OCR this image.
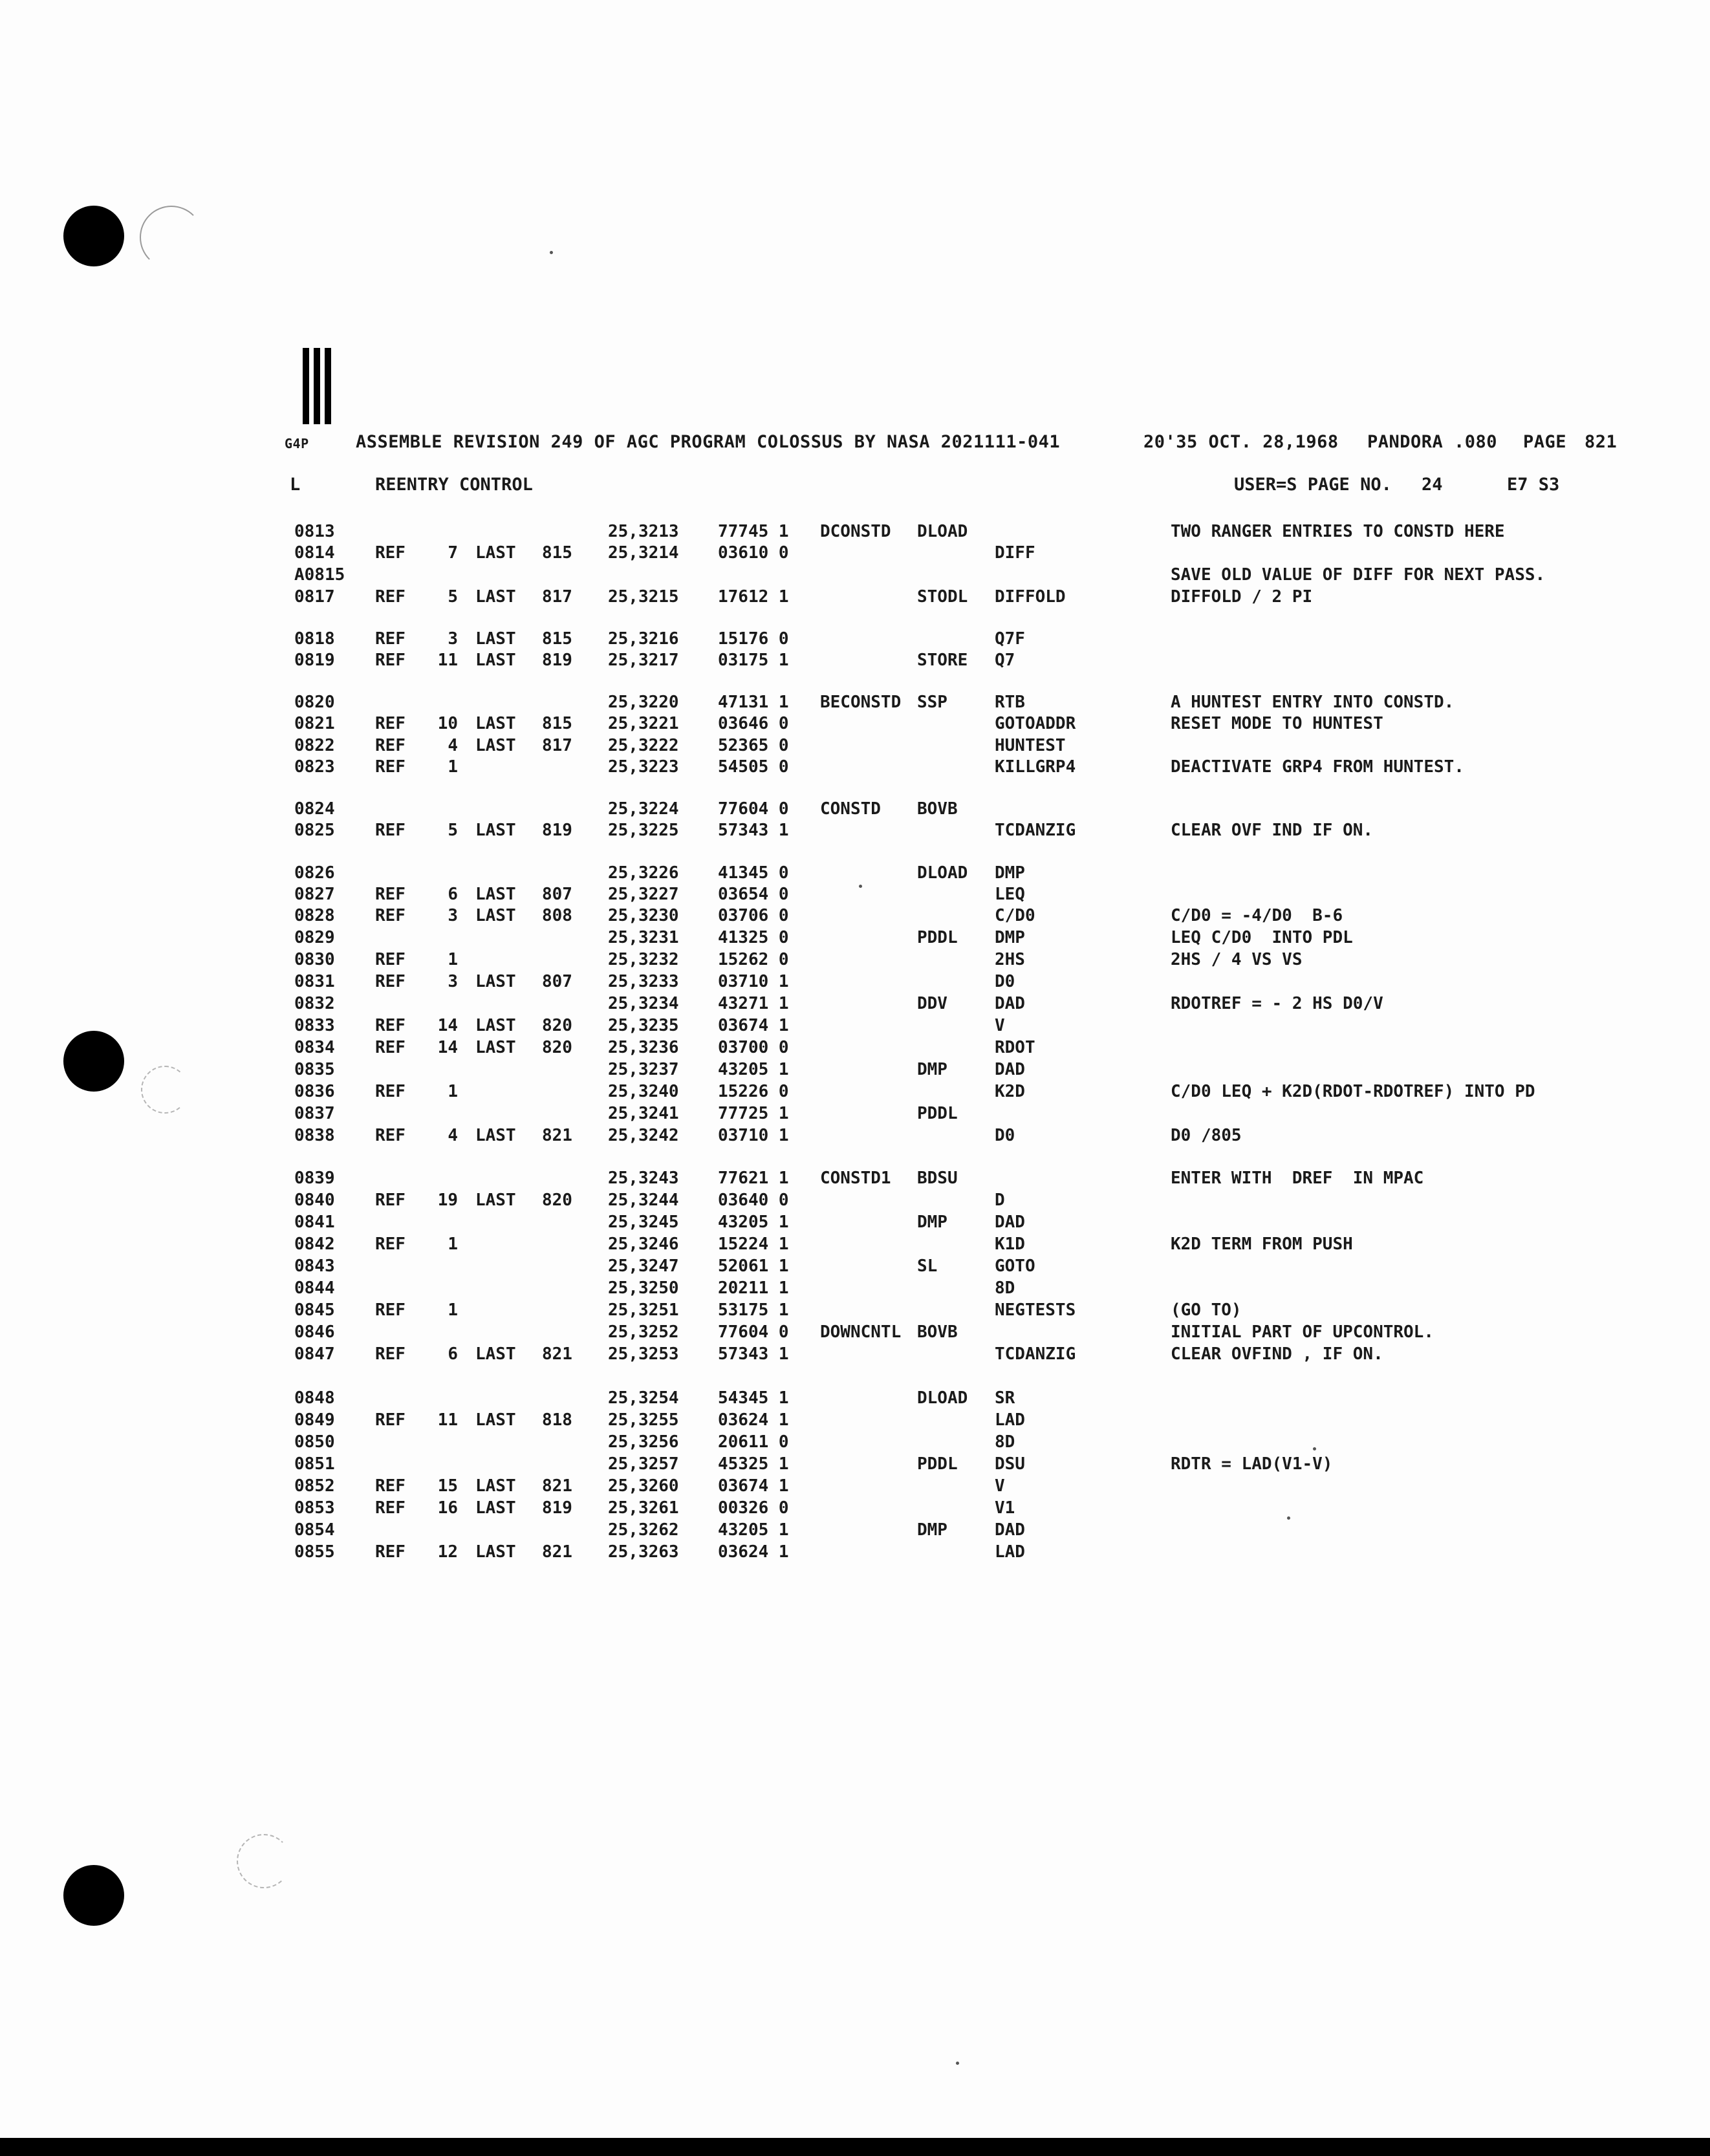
G4P	ASSEMBLE REVISION 249 OF AGC PROGRAM COLOSSUS BY NASA 2021111-041	20'35 OCT. 28,1968 PANDORA .080 PAGE 821
L	REENTRY CONTROL	USER=S PAGE NO. 24	E7 S3
0813	25,3213 77745 1 DCONSTD DLOAD	TWO RANGER ENTRIES TO CONSTD HERE
0814 REF	7 LAST 815 25,3214 03610 0	DIFF
A0815	SAVE OLD VALUE OF DIFF FOR NEXT PASS.
0817 REF	5 LAST 817 25,3215 17612 1	STODL DIFFOLD	DIFFOLD / 2 PI
0818 REF	3 LAST 815 25,3216 15176 0	Q7F
0819 REF	11 LAST 819 25,3217 03175 1	STORE Q7
0820	25,3220 47131 1 BECONSTD SSP	RTB	A HUNTEST ENTRY INTO CONSTD.
0821 REF	10 LAST 815 25,3221 03646 0	GOTOADDR	RESET MODE TO HUNTEST
0822 REF	4 LAST 817 25,3222 52365 0	HUNTEST
0823 REF	1	25,3223 54505 0	KILLGRP4	DEACTIVATE GRP4 FROM HUNTEST.
0824	25,3224 77604 0 CONSTD BOVB
0825 REF	5 LAST 819 25,3225 57343 1	TCDANZIG	CLEAR OVF IND IF ON.
0826	25,3226 41345 0	DLOAD DMP
0827 REF	6 LAST 807 25,3227 03654 0	LEQ
0828 REF	3 LAST 808 25,3230 03706 0	C/D0	C/D0 = -4/D0  B-6
0829	25,3231 41325 0	PDDL DMP	LEQ C/D0  INTO PDL
0830 REF	1	25,3232 15262 0	2HS	2HS / 4 VS VS
0831 REF	3 LAST 807 25,3233 03710 1	D0
0832	25,3234 43271 1	DDV	DAD	RDOTREF = - 2 HS D0/V
0833 REF	14 LAST 820 25,3235 03674 1	V
0834 REF	14 LAST 820 25,3236 03700 0	RDOT
0835	25,3237 43205 1	DMP	DAD
0836 REF	1	25,3240 15226 0	K2D	C/D0 LEQ + K2D(RDOT-RDOTREF) INTO PD
0837	25,3241 77725 1	PDDL
0838 REF	4 LAST 821 25,3242 03710 1	D0	D0 /805
0839	25,3243 77621 1 CONSTD1 BDSU	ENTER WITH  DREF  IN MPAC
0840 REF	19 LAST 820 25,3244 03640 0	D
0841	25,3245 43205 1	DMP	DAD
0842 REF	1	25,3246 15224 1	K1D	K2D TERM FROM PUSH
0843	25,3247 52061 1	SL	GOTO
0844	25,3250 20211 1	8D
0845 REF	1	25,3251 53175 1	NEGTESTS	(GO TO)
0846	25,3252 77604 0 DOWNCNTL BOVB	INITIAL PART OF UPCONTROL.
0847 REF	6 LAST 821 25,3253 57343 1	TCDANZIG	CLEAR OVFIND , IF ON.
0848	25,3254 54345 1	DLOAD SR
0849 REF	11 LAST 818 25,3255 03624 1	LAD
0850	25,3256 20611 0	8D
0851	25,3257 45325 1	PDDL DSU	RDTR = LAD(V1-V)
0852 REF	15 LAST 821 25,3260 03674 1	V
0853 REF	16 LAST 819 25,3261 00326 0	V1
0854	25,3262 43205 1	DMP	DAD
0855 REF	12 LAST 821 25,3263 03624 1	LAD
